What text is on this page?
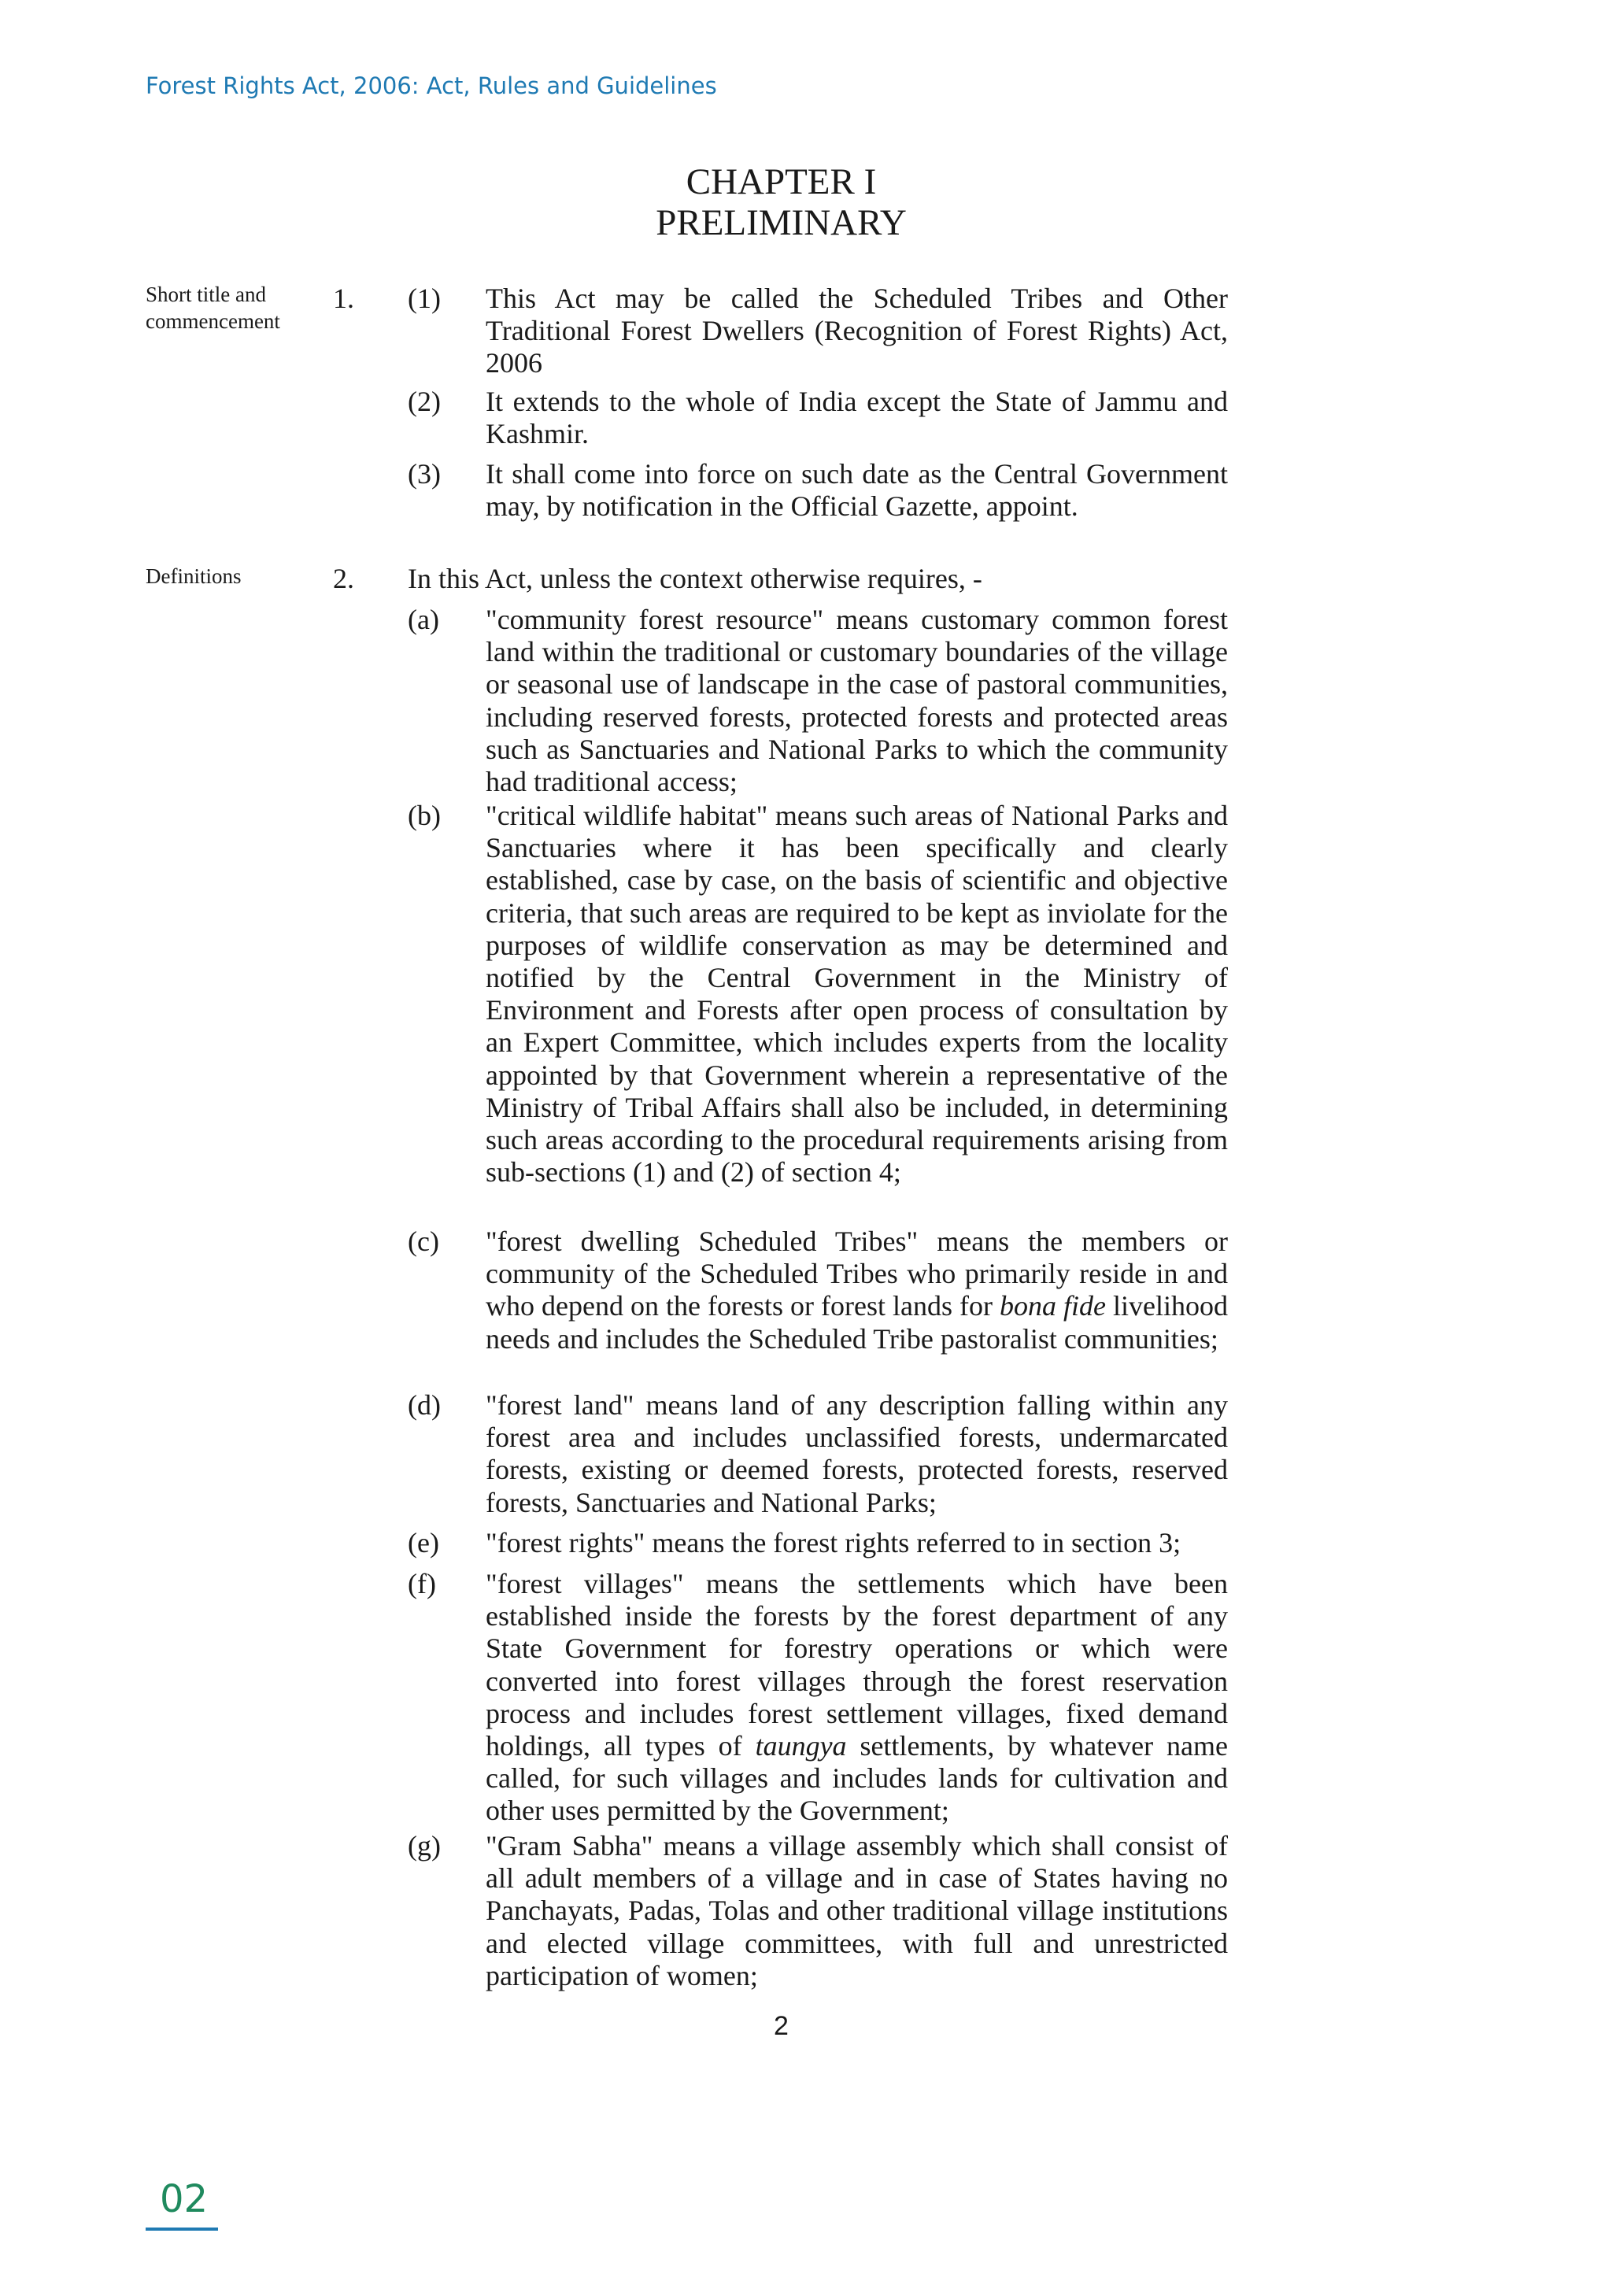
Forest Rights Act, 2006: Act, Rules and Guidelines
CHAPTER I
PRELIMINARY
Short title and commencement
1. (1) This Act may be called the Scheduled Tribes and Other Traditional Forest Dwellers (Recognition of Forest Rights) Act, 2006
(2) It extends to the whole of India except the State of Jammu and Kashmir.
(3) It shall come into force on such date as the Central Government may, by notification in the Official Gazette, appoint.
Definitions	2. In this Act, unless the context otherwise requires, -
(a) "community forest resource" means customary common forest land within the traditional or customary boundaries of the village or seasonal use of landscape in the case of pastoral communities, including reserved forests, protected forests and protected areas such as Sanctuaries and National Parks to which the community had traditional access;
(b) "critical wildlife habitat" means such areas of National Parks and Sanctuaries where it has been specifically and clearly established, case by case, on the basis of scientific and objective criteria, that such areas are required to be kept as inviolate for the purposes of wildlife conservation as may be determined and notified by the Central Government in the Ministry of Environment and Forests after open process of consultation by an Expert Committee, which includes experts from the locality appointed by that Government wherein a representative of the Ministry of Tribal Affairs shall also be included, in determining such areas according to the procedural requirements arising from sub-sections (1) and (2) of section 4;
(c) "forest dwelling Scheduled Tribes" means the members or community of the Scheduled Tribes who primarily reside in and who depend on the forests or forest lands for bona fide livelihood needs and includes the Scheduled Tribe pastoralist communities;
(d) "forest land" means land of any description falling within any forest area and includes unclassified forests, undermarcated forests, existing or deemed forests, protected forests, reserved forests, Sanctuaries and National Parks;
(e) "forest rights" means the forest rights referred to in section 3;
(f) "forest villages" means the settlements which have been established inside the forests by the forest department of any State Government for forestry operations or which were converted into forest villages through the forest reservation process and includes forest settlement villages, fixed demand holdings, all types of taungya settlements, by whatever name called, for such villages and includes lands for cultivation and other uses permitted by the Government;
(g) "Gram Sabha" means a village assembly which shall consist of all adult members of a village and in case of States having no Panchayats, Padas, Tolas and other traditional village institutions and elected village committees, with full and unrestricted participation of women;
2
02
